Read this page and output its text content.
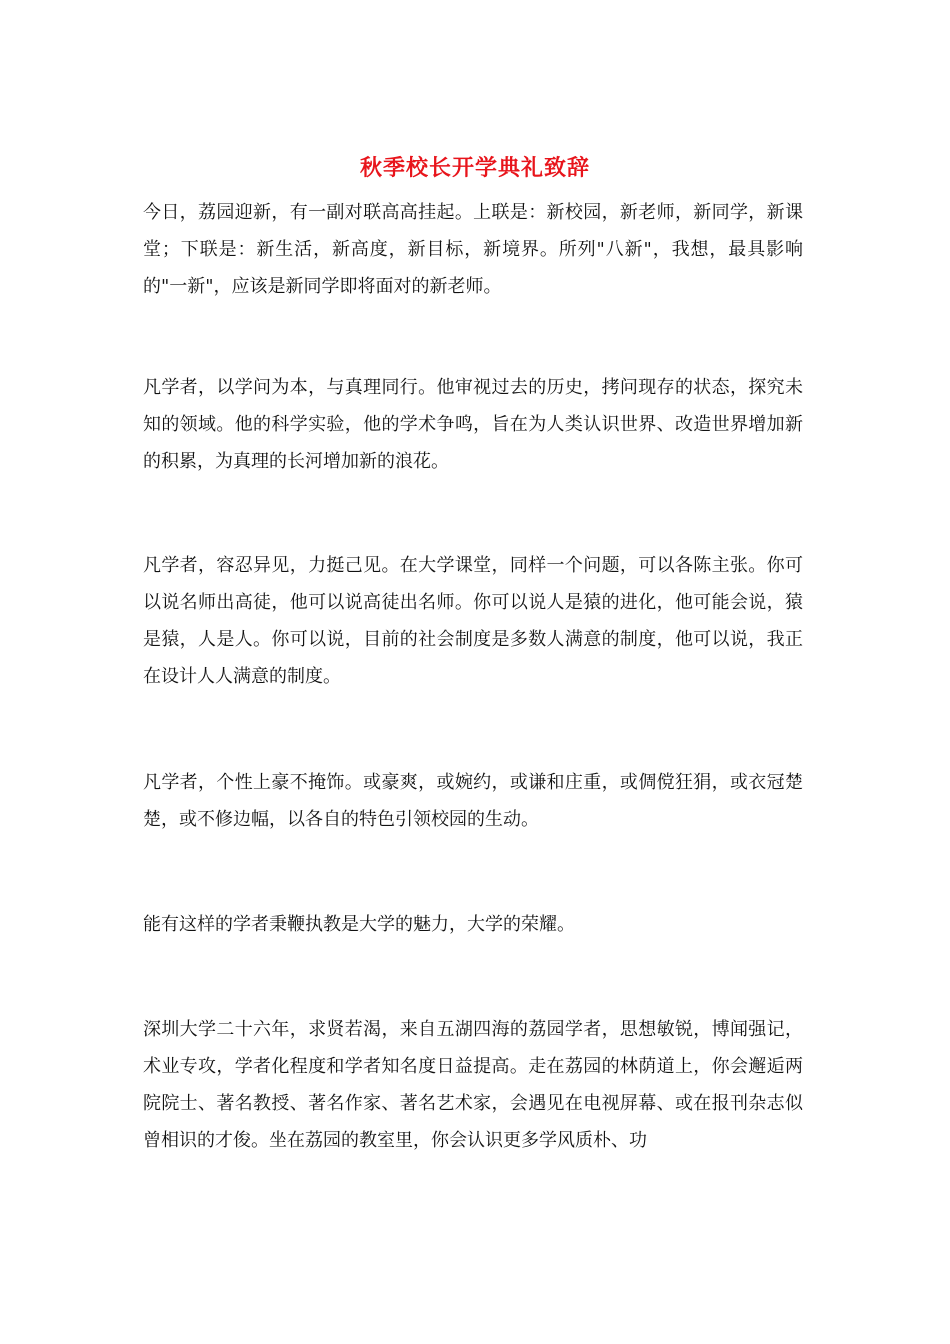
秋季校长开学典礼致辞

今日，荔园迎新，有一副对联高高挂起。上联是：新校园，新老师，新同学，新课堂；下联是：新生活，新高度，新目标，新境界。所列"八新"，我想，最具影响的"一新"，应该是新同学即将面对的新老师。

凡学者，以学问为本，与真理同行。他审视过去的历史，拷问现存的状态，探究未知的领域。他的科学实验，他的学术争鸣，旨在为人类认识世界、改造世界增加新的积累，为真理的长河增加新的浪花。

凡学者，容忍异见，力挺己见。在大学课堂，同样一个问题，可以各陈主张。你可以说名师出高徒，他可以说高徒出名师。你可以说人是猿的进化，他可能会说，猿是猿，人是人。你可以说，目前的社会制度是多数人满意的制度，他可以说，我正在设计人人满意的制度。

凡学者，个性上豪不掩饰。或豪爽，或婉约，或谦和庄重，或倜傥狂狷，或衣冠楚楚，或不修边幅，以各自的特色引领校园的生动。

能有这样的学者秉鞭执教是大学的魅力，大学的荣耀。

深圳大学二十六年，求贤若渴，来自五湖四海的荔园学者，思想敏锐，博闻强记，术业专攻，学者化程度和学者知名度日益提高。走在荔园的林荫道上，你会邂逅两院院士、著名教授、著名作家、著名艺术家，会遇见在电视屏幕、或在报刊杂志似曾相识的才俊。坐在荔园的教室里，你会认识更多学风质朴、功
